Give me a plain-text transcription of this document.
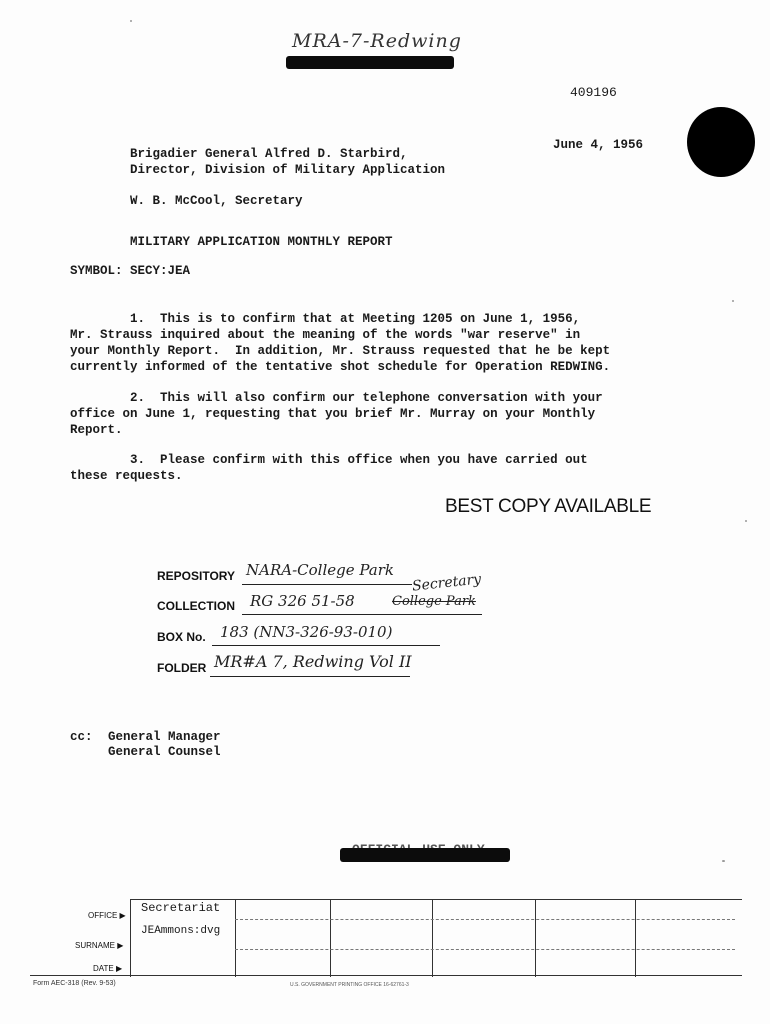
MRA-7-Redwing
409196
June 4, 1956
Brigadier General Alfred D. Starbird,
Director, Division of Military Application
W. B. McCool, Secretary
MILITARY APPLICATION MONTHLY REPORT
SYMBOL: SECY:JEA
1.  This is to confirm that at Meeting 1205 on June 1, 1956,
Mr. Strauss inquired about the meaning of the words "war reserve" in
your Monthly Report.  In addition, Mr. Strauss requested that he be kept
currently informed of the tentative shot schedule for Operation REDWING.
2.  This will also confirm our telephone conversation with your
office on June 1, requesting that you brief Mr. Murray on your Monthly
Report.
3.  Please confirm with this office when you have carried out
these requests.
BEST COPY AVAILABLE
REPOSITORY NARA-College Park
Secretary
COLLECTION RG 326 51-58	College Park
BOX No. 183 (NN3-326-93-010)
FOLDER MR#A 7, Redwing Vol II
cc: General Manager
General Counsel
OFFICE ▶
SURNAME ▶
DATE ▶
Secretariat
JEAmmons:dvg
Form AEC-318 (Rev. 9-53)	U.S. GOVERNMENT PRINTING OFFICE 16-62761-3
